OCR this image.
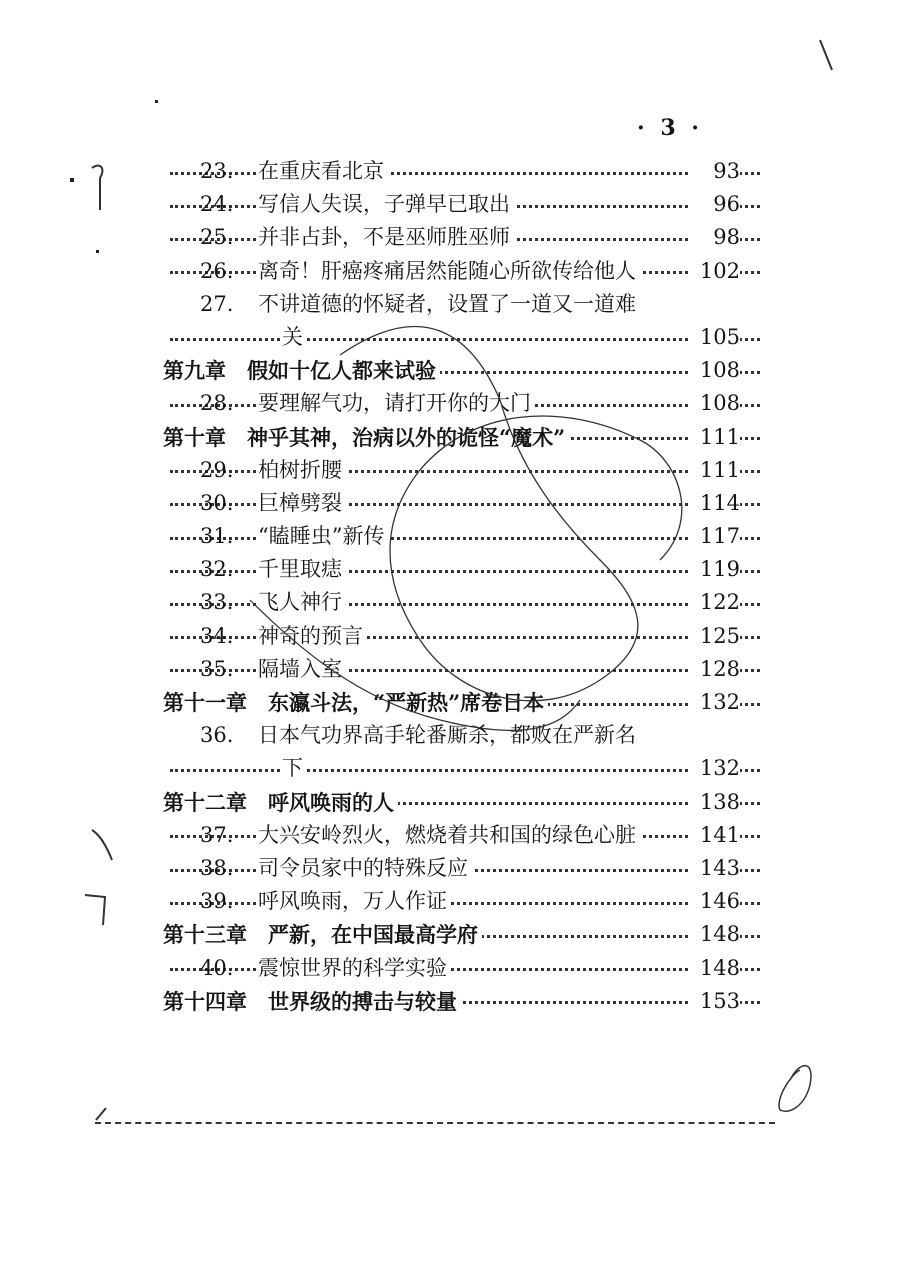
· 3 ·
23.	在重庆看北京	93
24.	写信人失误，子弹早已取出	96
25.	并非占卦，不是巫师胜巫师	98
26.	离奇！肝癌疼痛居然能随心所欲传给他人	102
27.	不讲道德的怀疑者，设置了一道又一道难
关	105
第九章　假如十亿人都来试验	108
28.	要理解气功，请打开你的大门	108
第十章　神乎其神，治病以外的诡怪“魔术”	111
29.	柏树折腰	111
30.	巨樟劈裂	114
31.	“瞌睡虫”新传	117
32.	千里取痣	119
33.	飞人神行	122
34.	神奇的预言	125
35.	隔墙入室	128
第十一章　东瀛斗法，“严新热”席卷日本	132
36.	日本气功界高手轮番厮杀，都败在严新名
下	132
第十二章　呼风唤雨的人	138
37.	大兴安岭烈火，燃烧着共和国的绿色心脏	141
38.	司令员家中的特殊反应	143
39.	呼风唤雨，万人作证	146
第十三章　严新，在中国最高学府	148
40.	震惊世界的科学实验	148
第十四章　世界级的搏击与较量	153
